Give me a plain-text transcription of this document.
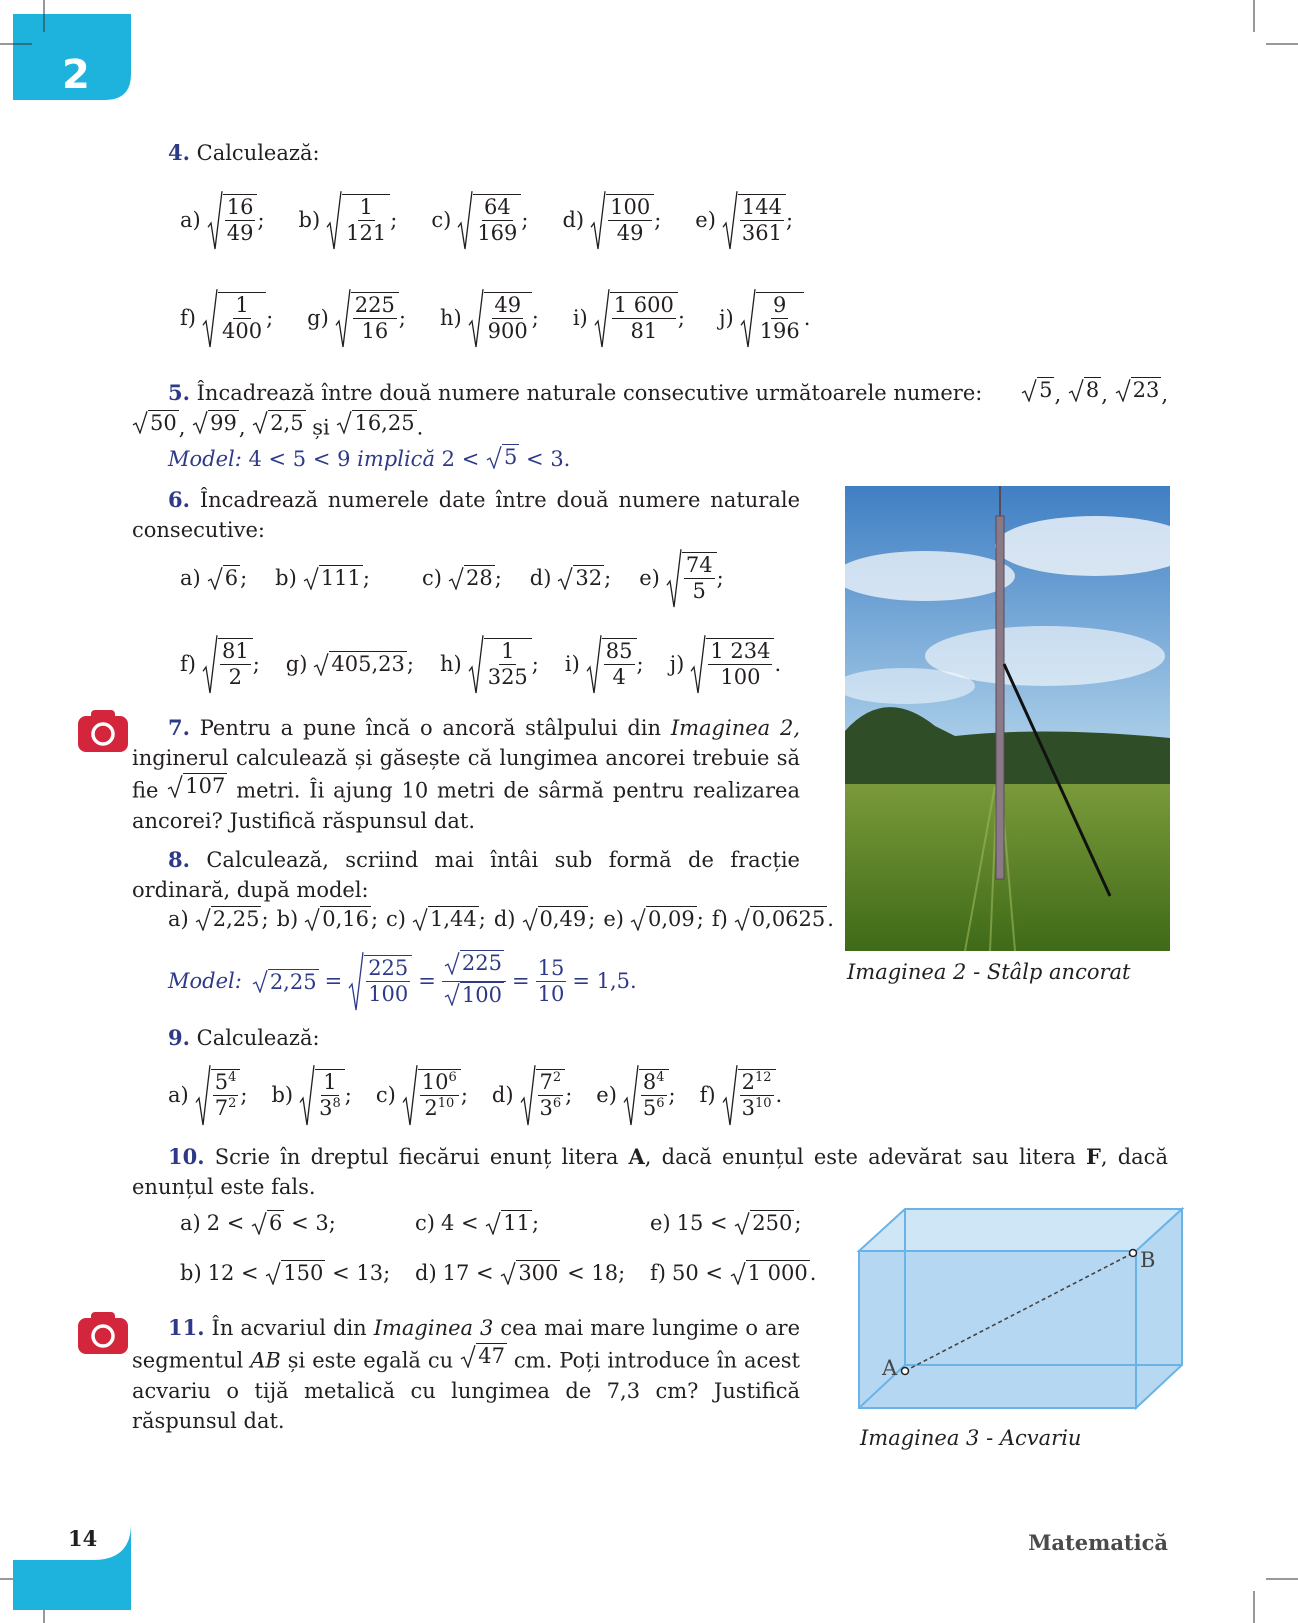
2
4. Calculează:
$a) \frac{16}{49}$ ; $b) \frac{1}{121}$ ; $c) \frac{64}{169}$ ; $d) \frac{100}{49}$ ; $e) \frac{144}{361}$ ;
$f) \frac{1}{400}$ ; $g) \frac{225}{16}$ ; $h) \frac{49}{900}$ ; $i) \frac{1 600}{81}$ ; $j) \frac{9}{196}$ .
5. Încadrează între două numere naturale consecutive următoarele numere:	5 , 8 , 23 ,
50 , 99 , 2,5 și 16,25 .
Model:
4 < 5 < 9
implică
2 <
5
< 3.
6. Încadrează numerele date între două numere naturale consecutive:
a) 6 ; b) 111 ; c) 28 ; d) 32 ; $e) \frac{74}{5}$ ;
$f) \frac{81}{2}$ ; g) 405,23 ; $h) \frac{1}{325}$ ; $i) \frac{85}{4}$ ; $j) \frac{1 234}{100}$ .
Imaginea 2 - Stâlp ancorat
7. Pentru a pune încă o ancoră stâlpului din Imaginea 2, inginerul calculează și găsește că lungimea ancorei trebuie să fie 107 metri. Îi ajung 10 metri de sârmă pentru realizarea ancorei? Justifică răspunsul dat.
8. Calculează, scriind mai întâi sub formă de fracție ordinară, după model:
a) 2,25 ; b) 0,16 ; c) 1,44 ; d) 0,49 ; e) 0,09 ; f) 0,0625 .
Model: $2,25 = \frac{225}{100} = \frac{225}{100} = \frac{15}{10} = 1,5$.
9. Calculează:
$a) \frac{5^4}{7^2}$ ; $b) \frac{1}{3^8}$ ; $c) \frac{10^6}{2^{10}}$ ; $d) \frac{7^2}{3^6}$ ; $e) \frac{8^4}{5^6}$ ; $f) \frac{2^{12}}{3^{10}}$ .
10. Scrie în dreptul fiecărui enunț litera A, dacă enunțul este adevărat sau litera F, dacă enunțul este fals.
a) 2 < 6 < 3;	c) 4 < 11 ;	e) 15 < 250 ;
b) 12 < 150 < 13; d) 17 < 300 < 18; f) 50 < 1 000 .
A
B
Imaginea 3 - Acvariu
11. În acvariul din Imaginea 3 cea mai mare lungime o are segmentul AB și este egală cu 47 cm. Poți introduce în acest acvariu o tijă metalică cu lungimea de 7,3 cm? Justifică răspunsul dat.
14	Matematică
